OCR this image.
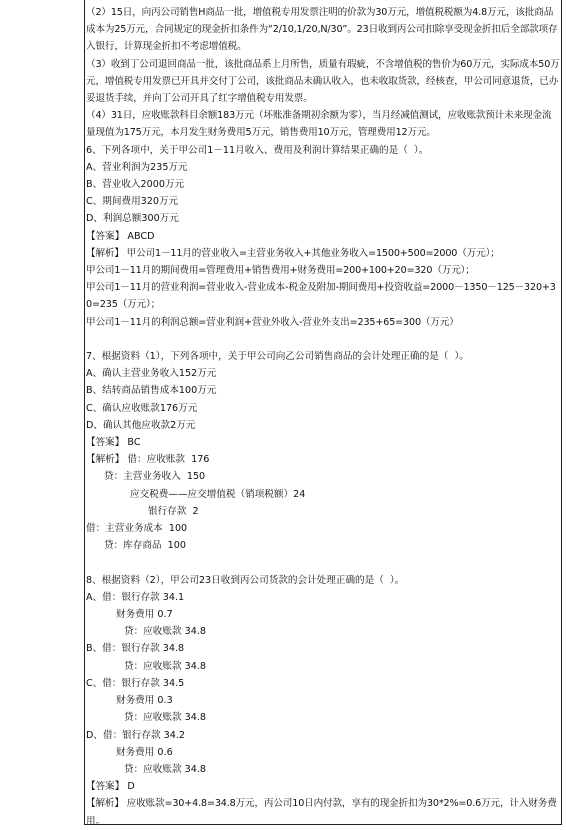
（2）15日，向丙公司销售H商品一批，增值税专用发票注明的价款为30万元，增值税税额为4.8万元，该批商品成本为25万元，合同规定的现金折扣条件为“2/10,1/20,N/30”。23日收到丙公司扣除享受现金折扣后全部款项存入银行，计算现金折扣不考虑增值税。

（3）收到丁公司退回商品一批，该批商品系上月所售，质量有瑕疵，不含增值税的售价为60万元，实际成本50万元，增值税专用发票已开具并交付丁公司，该批商品未确认收入，也未收取货款，经核查，甲公司同意退货，已办妥退货手续，并向丁公司开具了红字增值税专用发票。

（4）31日，应收账款科目余额183万元（坏账准备期初余额为零），当月经减值测试，应收账款预计未来现金流量现值为175万元，本月发生财务费用5万元，销售费用10万元，管理费用12万元。

6、下列各项中，关于甲公司1－11月收入、费用及利润计算结果正确的是（  ）。

A、营业利润为235万元

B、营业收入2000万元

C、期间费用320万元

D、利润总额300万元

【答案】 ABCD

【解析】 甲公司1－11月的营业收入=主营业务收入+其他业务收入=1500+500=2000（万元）；

甲公司1－11月的期间费用=管理费用+销售费用+财务费用=200+100+20=320（万元）；

甲公司1－11月的营业利润=营业收入-营业成本-税金及附加-期间费用+投资收益=2000－1350－125－320+30=235（万元）；

甲公司1－11月的利润总额=营业利润+营业外收入-营业外支出=235+65=300（万元）

7、根据资料（1），下列各项中，关于甲公司向乙公司销售商品的会计处理正确的是（  ）。

A、确认主营业务收入152万元

B、结转商品销售成本100万元

C、确认应收账款176万元

D、确认其他应收款2万元

【答案】 BC

【解析】 借：应收账款  176

贷：主营业务收入  150

应交税费——应交增值税（销项税额）24

银行存款  2

借：主营业务成本  100

贷：库存商品  100

8、根据资料（2），甲公司23日收到丙公司货款的会计处理正确的是（  ）。

A、借：银行存款 34.1

财务费用 0.7

贷：应收账款 34.8

B、借：银行存款 34.8

贷：应收账款 34.8

C、借：银行存款 34.5

财务费用 0.3

贷：应收账款 34.8

D、借：银行存款 34.2

财务费用 0.6

贷：应收账款 34.8

【答案】 D

【解析】 应收账款=30+4.8=34.8万元，丙公司10日内付款，享有的现金折扣为30*2%=0.6万元，计入财务费用。
